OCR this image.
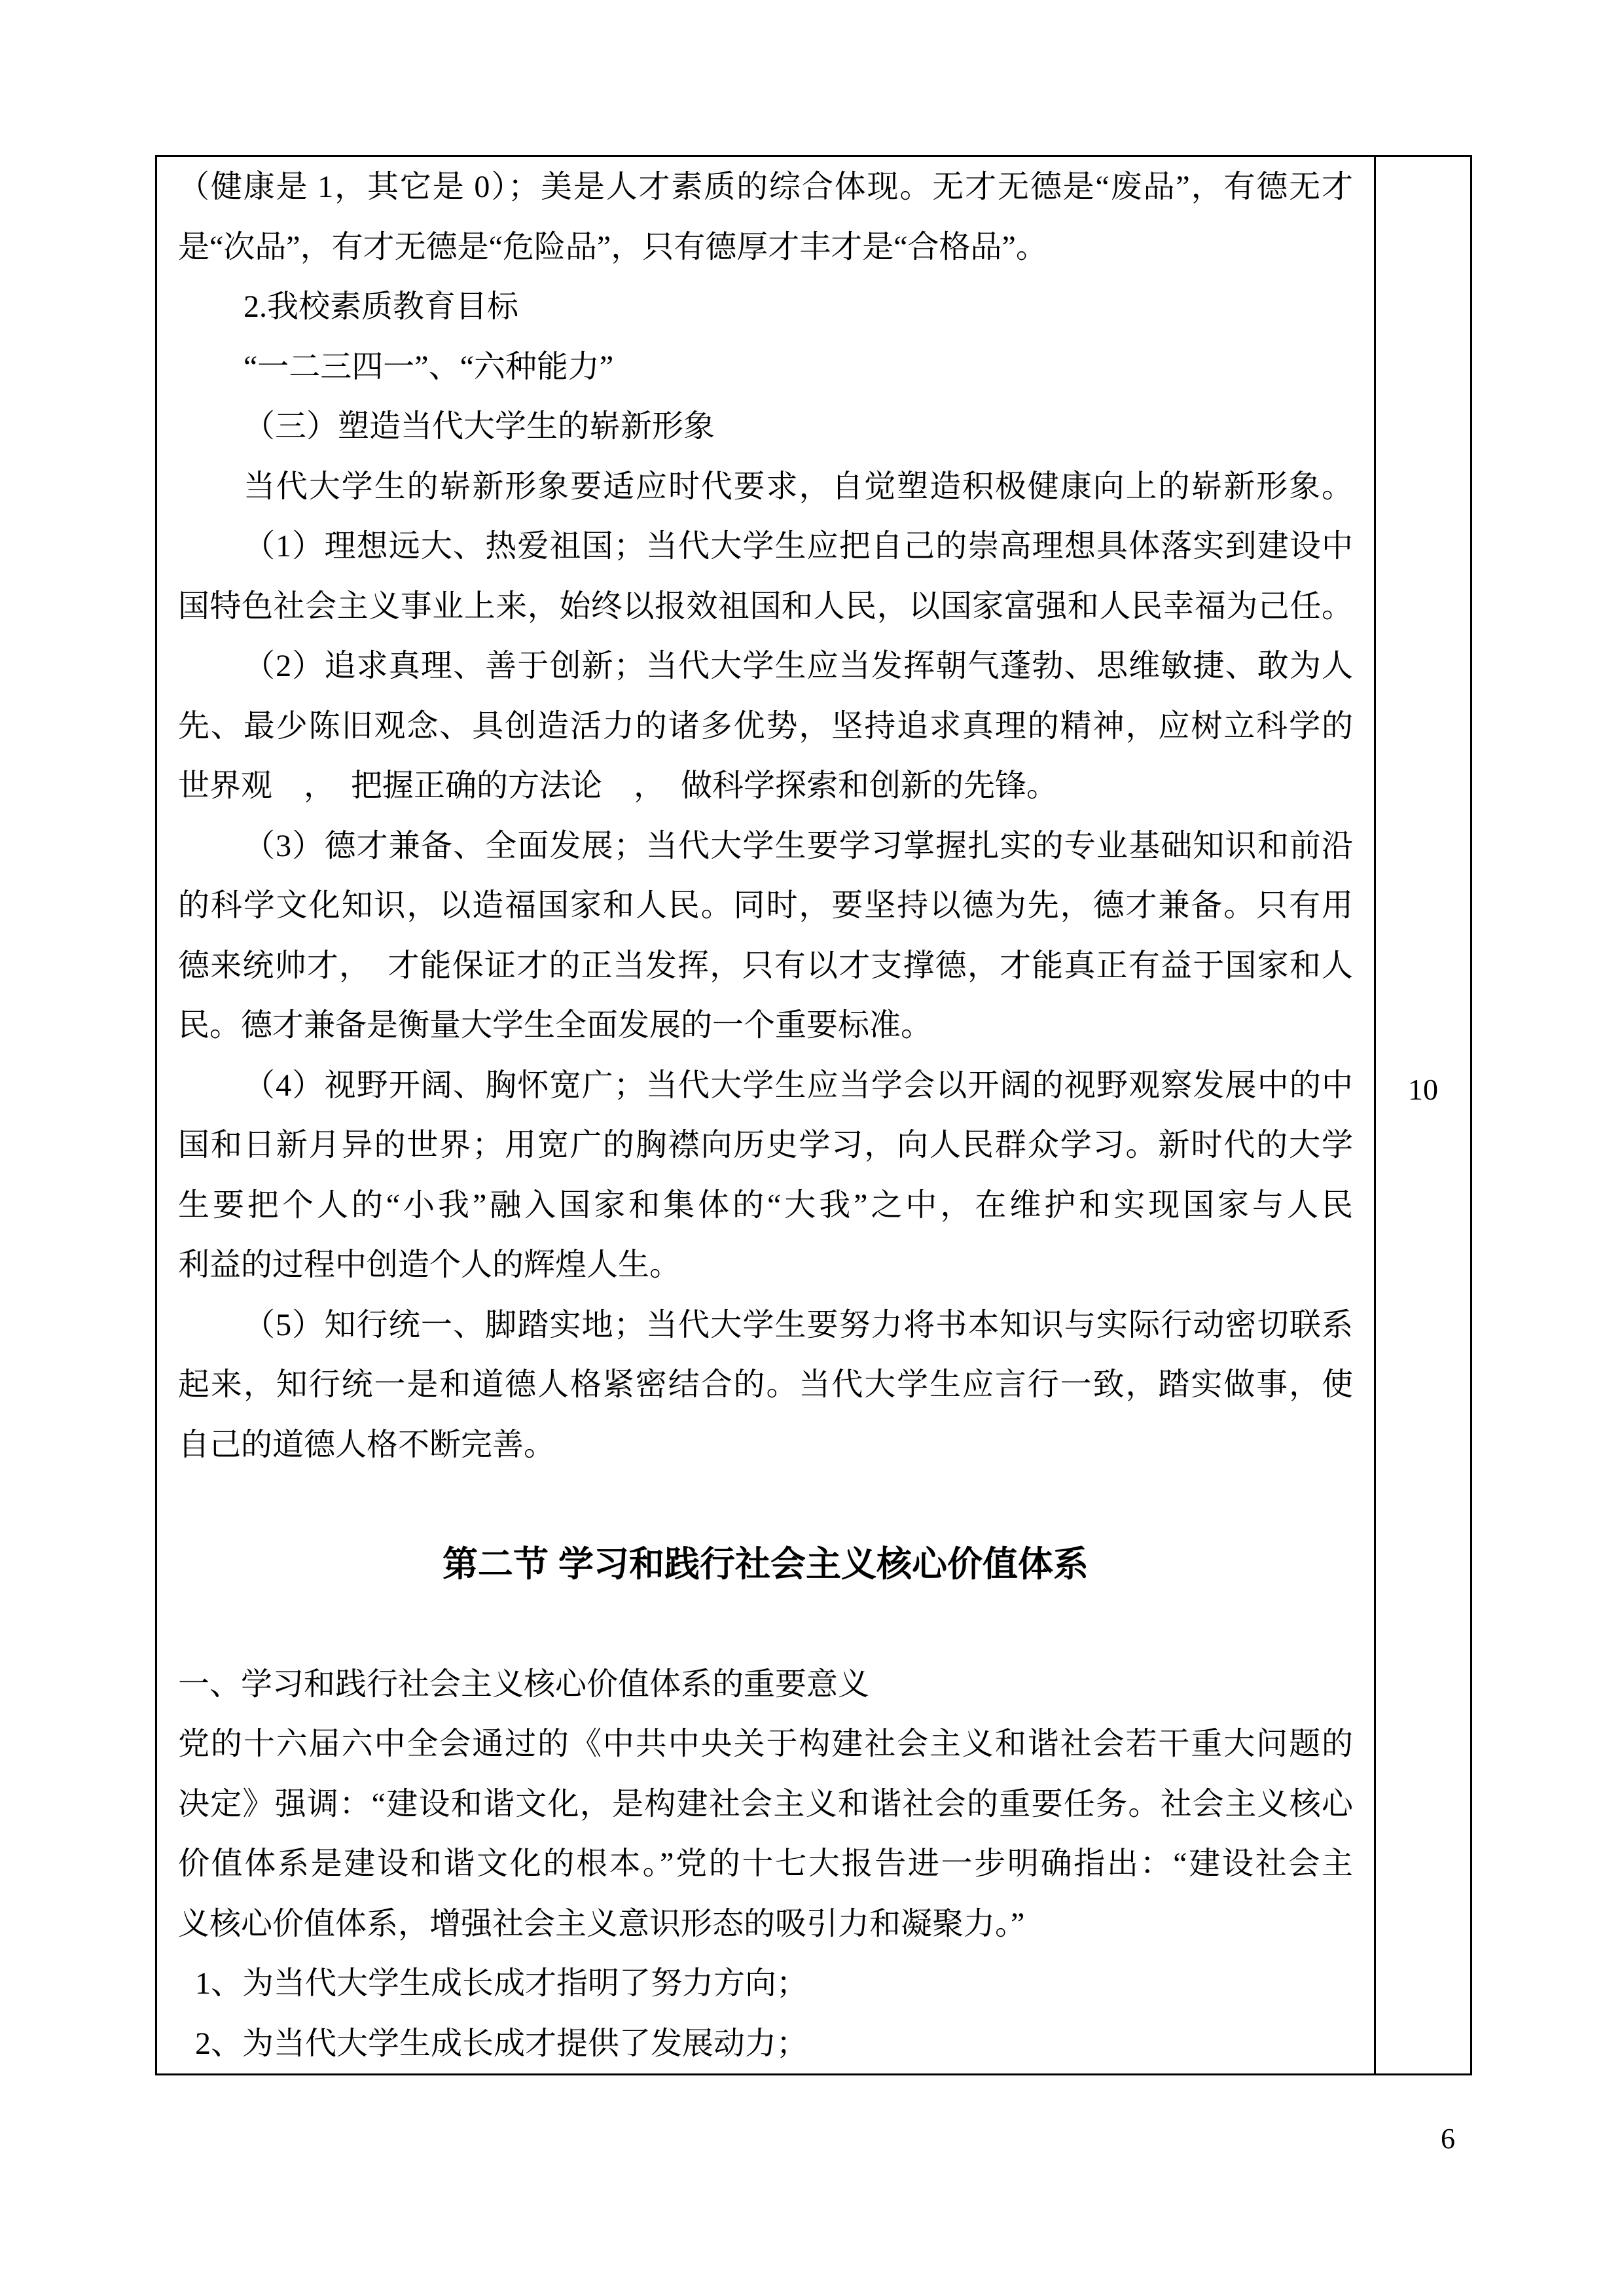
（健康是 1，其它是 0）；美是人才素质的综合体现。无才无德是“废品”，有德无才
是“次品”，有才无德是“危险品”，只有德厚才丰才是“合格品”。
2.我校素质教育目标
“一二三四一”、“六种能力”
（三）塑造当代大学生的崭新形象
当代大学生的崭新形象要适应时代要求，自觉塑造积极健康向上的崭新形象。
（1）理想远大、热爱祖国；当代大学生应把自己的崇高理想具体落实到建设中
国特色社会主义事业上来，始终以报效祖国和人民，以国家富强和人民幸福为己任。
（2）追求真理、善于创新；当代大学生应当发挥朝气蓬勃、思维敏捷、敢为人
先、最少陈旧观念、具创造活力的诸多优势，坚持追求真理的精神，应树立科学的
世界观　，　把握正确的方法论　，　做科学探索和创新的先锋。
（3）德才兼备、全面发展；当代大学生要学习掌握扎实的专业基础知识和前沿
的科学文化知识，以造福国家和人民。同时，要坚持以德为先，德才兼备。只有用
德来统帅才，　才能保证才的正当发挥，只有以才支撑德，才能真正有益于国家和人
民。德才兼备是衡量大学生全面发展的一个重要标准。
（4）视野开阔、胸怀宽广；当代大学生应当学会以开阔的视野观察发展中的中
国和日新月异的世界；用宽广的胸襟向历史学习，向人民群众学习。新时代的大学
生要把个人的“小我”融入国家和集体的“大我”之中，在维护和实现国家与人民
利益的过程中创造个人的辉煌人生。
（5）知行统一、脚踏实地；当代大学生要努力将书本知识与实际行动密切联系
起来，知行统一是和道德人格紧密结合的。当代大学生应言行一致，踏实做事，使
自己的道德人格不断完善。
第二节 学习和践行社会主义核心价值体系
一、学习和践行社会主义核心价值体系的重要意义
党的十六届六中全会通过的《中共中央关于构建社会主义和谐社会若干重大问题的
决定》强调：“建设和谐文化，是构建社会主义和谐社会的重要任务。社会主义核心
价值体系是建设和谐文化的根本。”党的十七大报告进一步明确指出：“建设社会主
义核心价值体系，增强社会主义意识形态的吸引力和凝聚力。”
1、为当代大学生成长成才指明了努力方向；
2、为当代大学生成长成才提供了发展动力；
10
6
